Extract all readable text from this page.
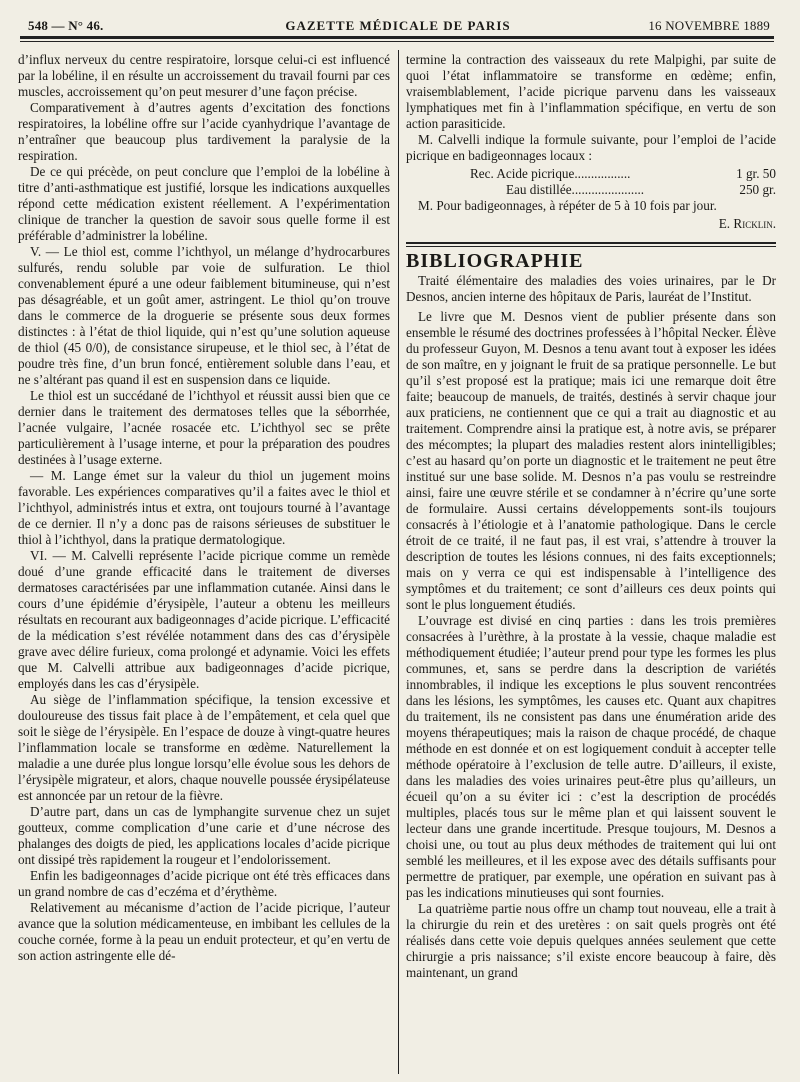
548 — N° 46.	GAZETTE MÉDICALE DE PARIS	16 NOVEMBRE 1889

d’influx nerveux du centre respiratoire, lorsque celui-ci est influencé par la lobéline, il en résulte un accroissement du travail fourni par ces muscles, accroissement qu’on peut mesurer d’une façon précise.

Comparativement à d’autres agents d’excitation des fonctions respiratoires, la lobéline offre sur l’acide cyanhydrique l’avantage de n’entraîner que beaucoup plus tardivement la paralysie de la respiration.

De ce qui précède, on peut conclure que l’emploi de la lobéline à titre d’anti-asthmatique est justifié, lorsque les indications auxquelles répond cette médication existent réellement. A l’expérimentation clinique de trancher la question de savoir sous quelle forme il est préférable d’administrer la lobéline.

V. — Le thiol est, comme l’ichthyol, un mélange d’hydrocarbures sulfurés, rendu soluble par voie de sulfuration. Le thiol convenablement épuré a une odeur faiblement bitumineuse, qui n’est pas désagréable, et un goût amer, astringent. Le thiol qu’on trouve dans le commerce de la droguerie se présente sous deux formes distinctes : à l’état de thiol liquide, qui n’est qu’une solution aqueuse de thiol (45 0/0), de consistance sirupeuse, et le thiol sec, à l’état de poudre très fine, d’un brun foncé, entièrement soluble dans l’eau, et ne s’altérant pas quand il est en suspension dans ce liquide.

Le thiol est un succédané de l’ichthyol et réussit aussi bien que ce dernier dans le traitement des dermatoses telles que la séborrhée, l’acnée vulgaire, l’acnée rosacée etc. L’ichthyol sec se prête particulièrement à l’usage interne, et pour la préparation des poudres destinées à l’usage externe.

— M. Lange émet sur la valeur du thiol un jugement moins favorable. Les expériences comparatives qu’il a faites avec le thiol et l’ichthyol, administrés intus et extra, ont toujours tourné à l’avantage de ce dernier. Il n’y a donc pas de raisons sérieuses de substituer le thiol à l’ichthyol, dans la pratique dermatologique.

VI. — M. Calvelli représente l’acide picrique comme un remède doué d’une grande efficacité dans le traitement de diverses dermatoses caractérisées par une inflammation cutanée. Ainsi dans le cours d’une épidémie d’érysipèle, l’auteur a obtenu les meilleurs résultats en recourant aux badigeonnages d’acide picrique. L’efficacité de la médication s’est révélée notamment dans des cas d’érysipèle grave avec délire furieux, coma prolongé et adynamie. Voici les effets que M. Calvelli attribue aux badigeonnages d’acide picrique, employés dans les cas d’érysipèle.

Au siège de l’inflammation spécifique, la tension excessive et douloureuse des tissus fait place à de l’empâtement, et cela quel que soit le siège de l’érysipèle. En l’espace de douze à vingt-quatre heures l’inflammation locale se transforme en œdème. Naturellement la maladie a une durée plus longue lorsqu’elle évolue sous les dehors de l’érysipèle migrateur, et alors, chaque nouvelle poussée érysipélateuse est annoncée par un retour de la fièvre.

D’autre part, dans un cas de lymphangite survenue chez un sujet goutteux, comme complication d’une carie et d’une nécrose des phalanges des doigts de pied, les applications locales d’acide picrique ont dissipé très rapidement la rougeur et l’endolorissement.

Enfin les badigeonnages d’acide picrique ont été très efficaces dans un grand nombre de cas d’eczéma et d’érythème.

Relativement au mécanisme d’action de l’acide picrique, l’auteur avance que la solution médicamenteuse, en imbibant les cellules de la couche cornée, forme à la peau un enduit protecteur, et qu’en vertu de son action astringente elle dé-

termine la contraction des vaisseaux du rete Malpighi, par suite de quoi l’état inflammatoire se transforme en œdème; enfin, vraisemblablement, l’acide picrique parvenu dans les vaisseaux lymphatiques met fin à l’inflammation spécifique, en vertu de son action parasiticide.

M. Calvelli indique la formule suivante, pour l’emploi de l’acide picrique en badigeonnages locaux :

Rec. Acide picrique.................	1 gr. 50
Eau distillée......................	250 gr.

M. Pour badigeonnages, à répéter de 5 à 10 fois par jour.

E. Ricklin.
BIBLIOGRAPHIE

Traité élémentaire des maladies des voies urinaires, par le Dr Desnos, ancien interne des hôpitaux de Paris, lauréat de l’Institut.

Le livre que M. Desnos vient de publier présente dans son ensemble le résumé des doctrines professées à l’hôpital Necker. Élève du professeur Guyon, M. Desnos a tenu avant tout à exposer les idées de son maître, en y joignant le fruit de sa pratique personnelle. Le but qu’il s’est proposé est la pratique; mais ici une remarque doit être faite; beaucoup de manuels, de traités, destinés à servir chaque jour aux praticiens, ne contiennent que ce qui a trait au diagnostic et au traitement. Comprendre ainsi la pratique est, à notre avis, se préparer des mécomptes; la plupart des maladies restent alors inintelligibles; c’est au hasard qu’on porte un diagnostic et le traitement ne peut être institué sur une base solide. M. Desnos n’a pas voulu se restreindre ainsi, faire une œuvre stérile et se condamner à n’écrire qu’une sorte de formulaire. Aussi certains développements sont-ils toujours consacrés à l’étiologie et à l’anatomie pathologique. Dans le cercle étroit de ce traité, il ne faut pas, il est vrai, s’attendre à trouver la description de toutes les lésions connues, ni des faits exceptionnels; mais on y verra ce qui est indispensable à l’intelligence des symptômes et du traitement; ce sont d’ailleurs ces deux points qui sont le plus longuement étudiés.

L’ouvrage est divisé en cinq parties : dans les trois premières consacrées à l’urèthre, à la prostate à la vessie, chaque maladie est méthodiquement étudiée; l’auteur prend pour type les formes les plus communes, et, sans se perdre dans la description de variétés innombrables, il indique les exceptions le plus souvent rencontrées dans les lésions, les symptômes, les causes etc. Quant aux chapitres du traitement, ils ne consistent pas dans une énumération aride des moyens thérapeutiques; mais la raison de chaque procédé, de chaque méthode en est donnée et on est logiquement conduit à accepter telle méthode opératoire à l’exclusion de telle autre. D’ailleurs, il existe, dans les maladies des voies urinaires peut-être plus qu’ailleurs, un écueil qu’on a su éviter ici : c’est la description de procédés multiples, placés tous sur le même plan et qui laissent souvent le lecteur dans une grande incertitude. Presque toujours, M. Desnos a choisi une, ou tout au plus deux méthodes de traitement qui lui ont semblé les meilleures, et il les expose avec des détails suffisants pour permettre de pratiquer, par exemple, une opération en suivant pas à pas les indications minutieuses qui sont fournies.

La quatrième partie nous offre un champ tout nouveau, elle a trait à la chirurgie du rein et des uretères : on sait quels progrès ont été réalisés dans cette voie depuis quelques années seulement que cette chirurgie a pris naissance; s’il existe encore beaucoup à faire, dès maintenant, un grand
